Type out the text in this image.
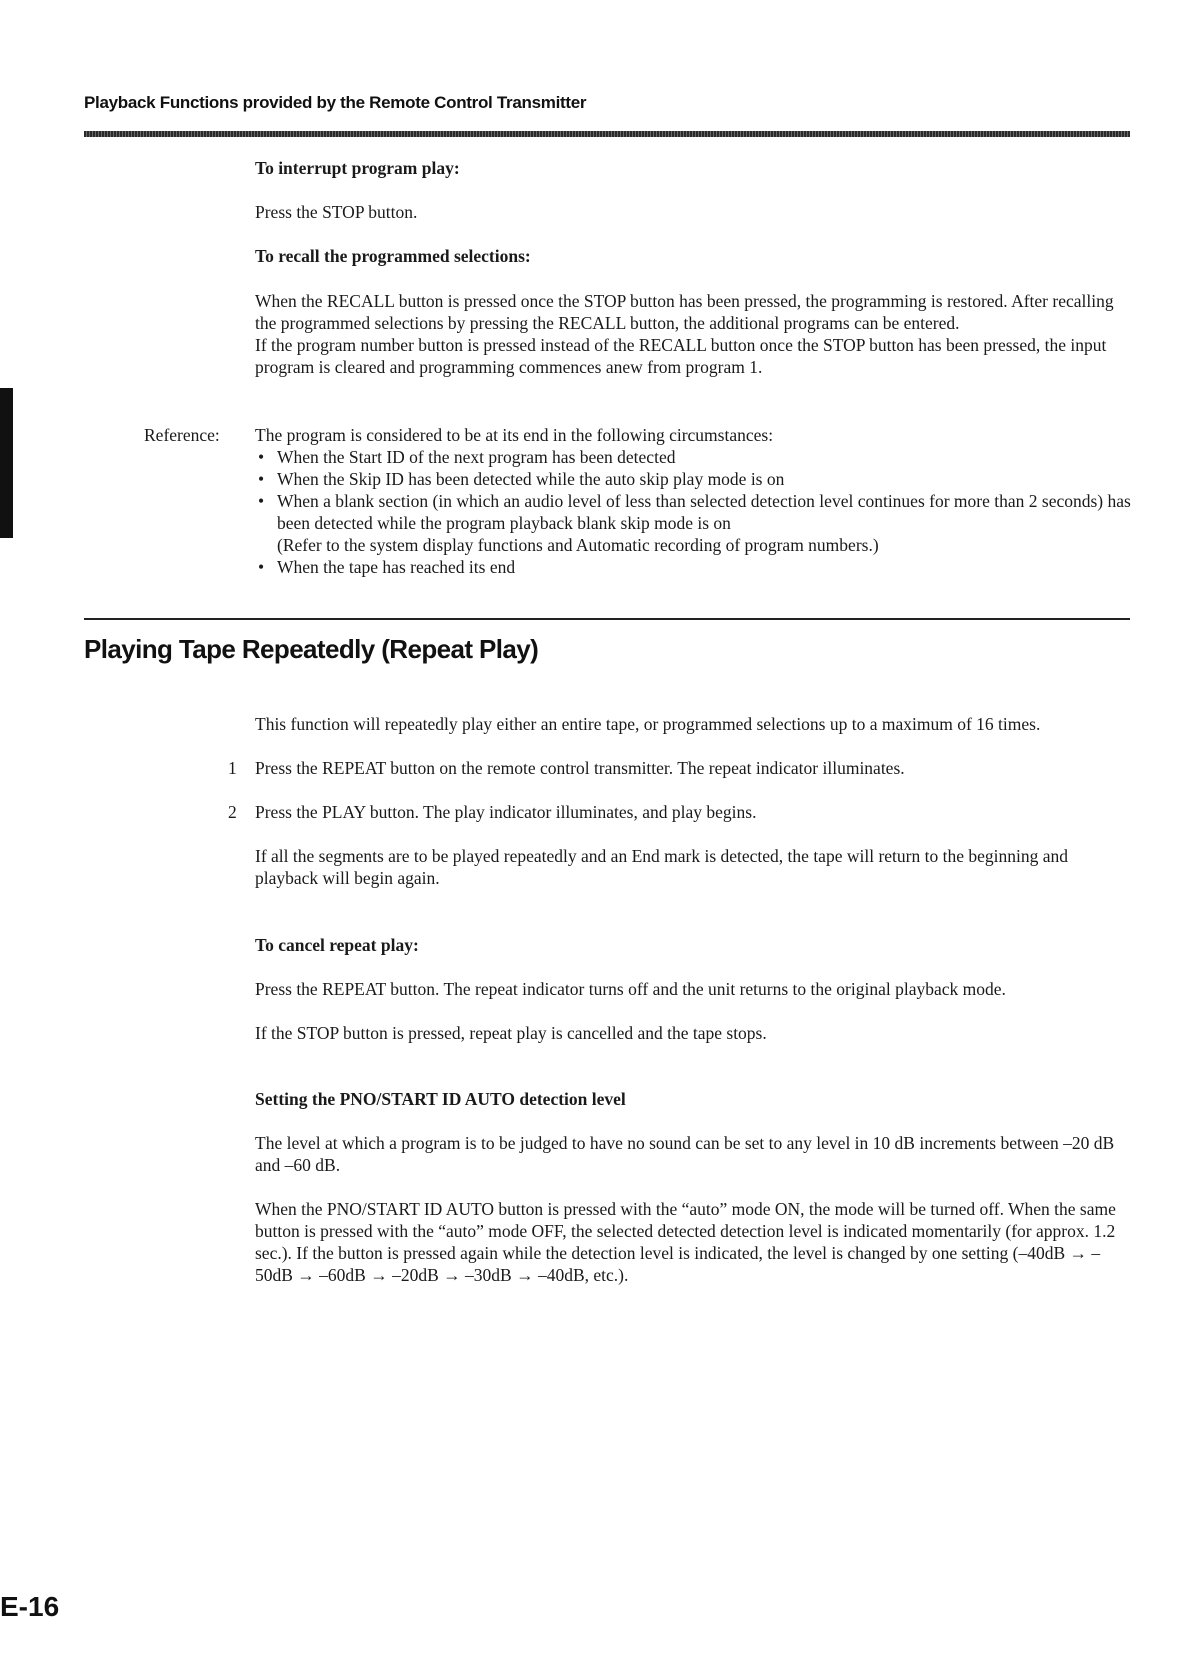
Playback Functions provided by the Remote Control Transmitter
To interrupt program play:
Press the STOP button.
To recall the programmed selections:

When the RECALL button is pressed once the STOP button has been pressed, the programming is restored. After recalling the programmed selections by pressing the RECALL button, the additional programs can be entered.

If the program number button is pressed instead of the RECALL button once the STOP button has been pressed, the input program is cleared and programming commences anew from program 1.

Reference: The program is considered to be at its end in the following circumstances:

• When the Start ID of the next program has been detected
• When the Skip ID has been detected while the auto skip play mode is on
• When a blank section (in which an audio level of less than selected detection level continues for more than 2 seconds) has been detected while the program playback blank skip mode is on
(Refer to the system display functions and Automatic recording of program numbers.)
• When the tape has reached its end
Playing Tape Repeatedly (Repeat Play)
This function will repeatedly play either an entire tape, or programmed selections up to a maximum of 16 times.
1 Press the REPEAT button on the remote control transmitter. The repeat indicator illuminates.
2 Press the PLAY button. The play indicator illuminates, and play begins.
If all the segments are to be played repeatedly and an End mark is detected, the tape will return to the beginning and playback will begin again.
To cancel repeat play:
Press the REPEAT button. The repeat indicator turns off and the unit returns to the original playback mode.
If the STOP button is pressed, repeat play is cancelled and the tape stops.
Setting the PNO/START ID AUTO detection level
The level at which a program is to be judged to have no sound can be set to any level in 10 dB increments between –20 dB and –60 dB.
When the PNO/START ID AUTO button is pressed with the “auto” mode ON, the mode will be turned off. When the same button is pressed with the “auto” mode OFF, the selected detected detection level is indicated momentarily (for approx. 1.2 sec.). If the button is pressed again while the detection level is indicated, the level is changed by one setting (–40dB → –50dB → –60dB → –20dB → –30dB → –40dB, etc.).
E-16
